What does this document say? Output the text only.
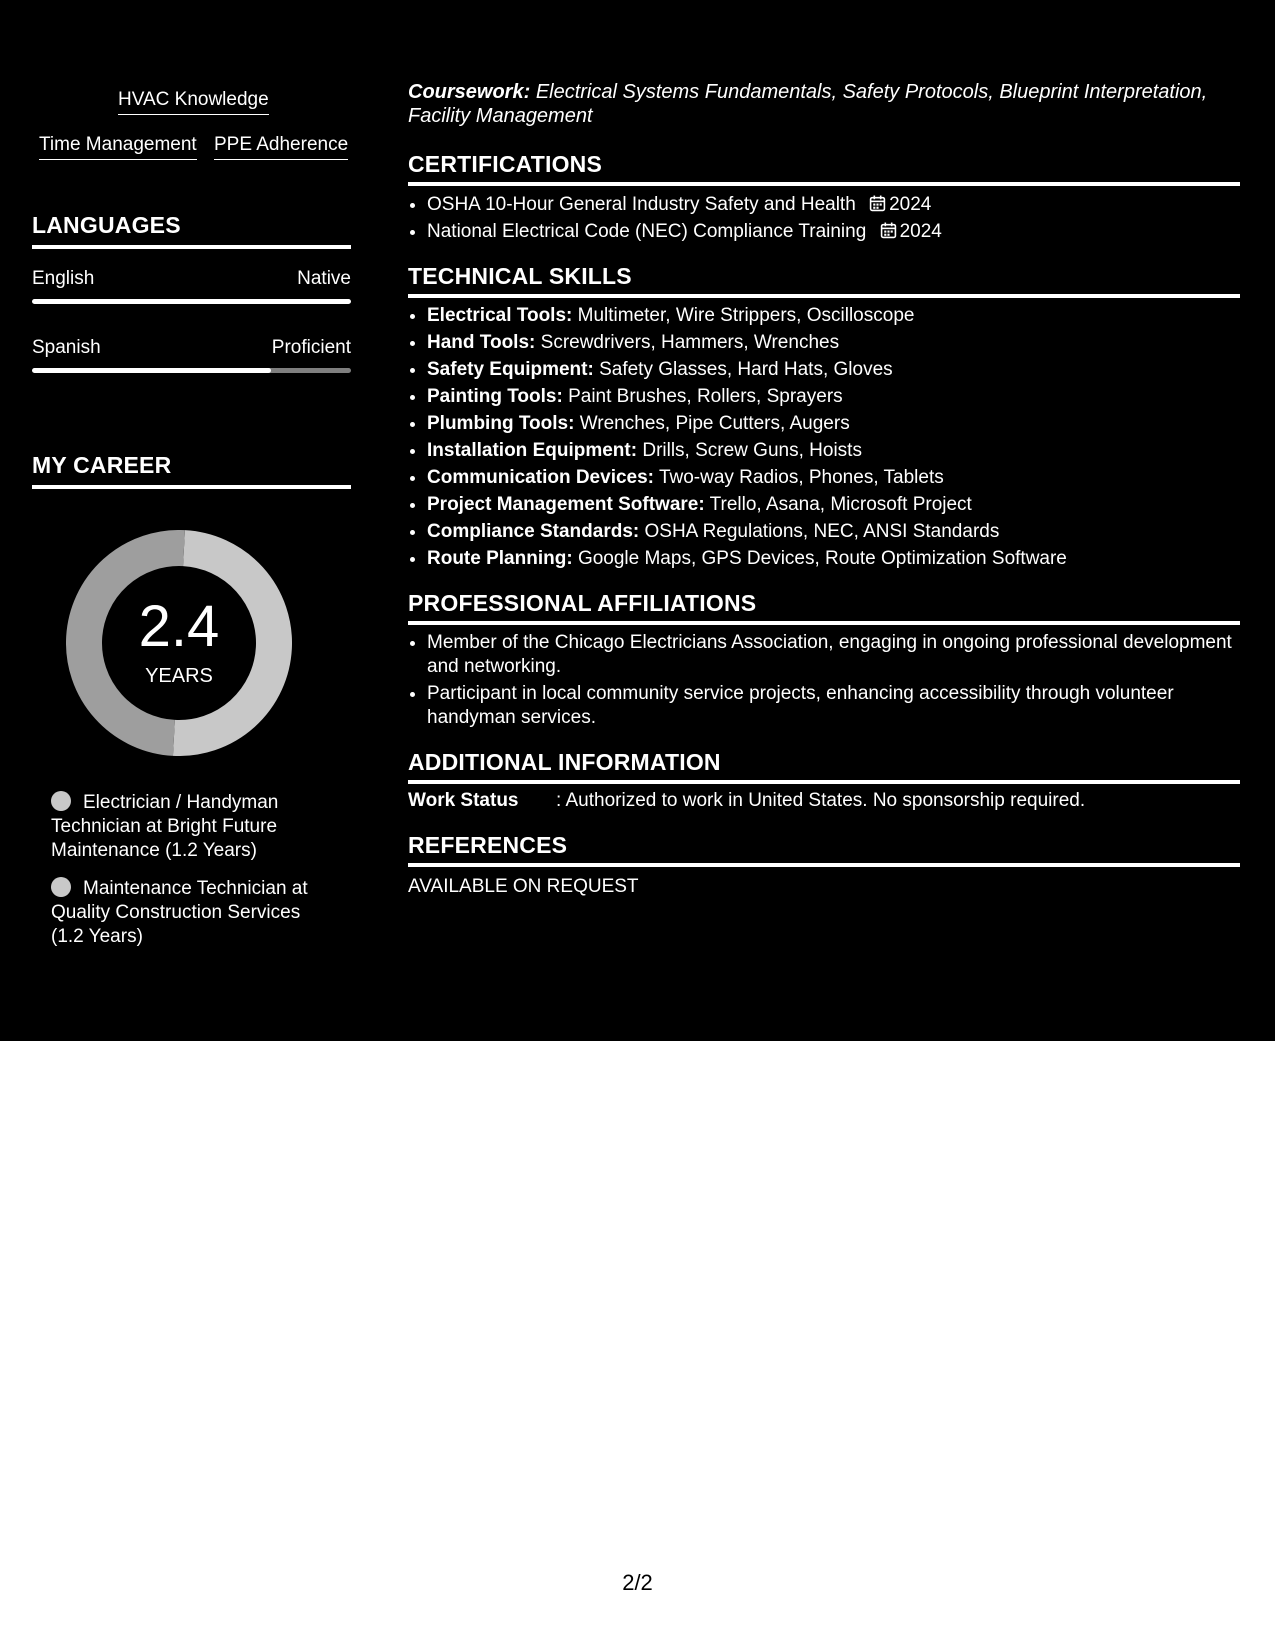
HVAC Knowledge
Time Management PPE Adherence
LANGUAGES
English	Native
Spanish	Proficient
MY CAREER
2.4
YEARS
Electrician / Handyman Technician at Bright Future Maintenance (1.2 Years)
Maintenance Technician at Quality Construction Services (1.2 Years)
Coursework: Electrical Systems Fundamentals, Safety Protocols, Blueprint Interpretation, Facility Management
CERTIFICATIONS
• OSHA 10-Hour General Industry Safety and Health 2024
• National Electrical Code (NEC) Compliance Training 2024
TECHNICAL SKILLS
• Electrical Tools: Multimeter, Wire Strippers, Oscilloscope
• Hand Tools: Screwdrivers, Hammers, Wrenches
• Safety Equipment: Safety Glasses, Hard Hats, Gloves
• Painting Tools: Paint Brushes, Rollers, Sprayers
• Plumbing Tools: Wrenches, Pipe Cutters, Augers
• Installation Equipment: Drills, Screw Guns, Hoists
• Communication Devices: Two-way Radios, Phones, Tablets
• Project Management Software: Trello, Asana, Microsoft Project
• Compliance Standards: OSHA Regulations, NEC, ANSI Standards
• Route Planning: Google Maps, GPS Devices, Route Optimization Software
PROFESSIONAL AFFILIATIONS
• Member of the Chicago Electricians Association, engaging in ongoing professional development and networking.
• Participant in local community service projects, enhancing accessibility through volunteer handyman services.
ADDITIONAL INFORMATION
Work Status : Authorized to work in United States. No sponsorship required.
REFERENCES
AVAILABLE ON REQUEST
2/2
